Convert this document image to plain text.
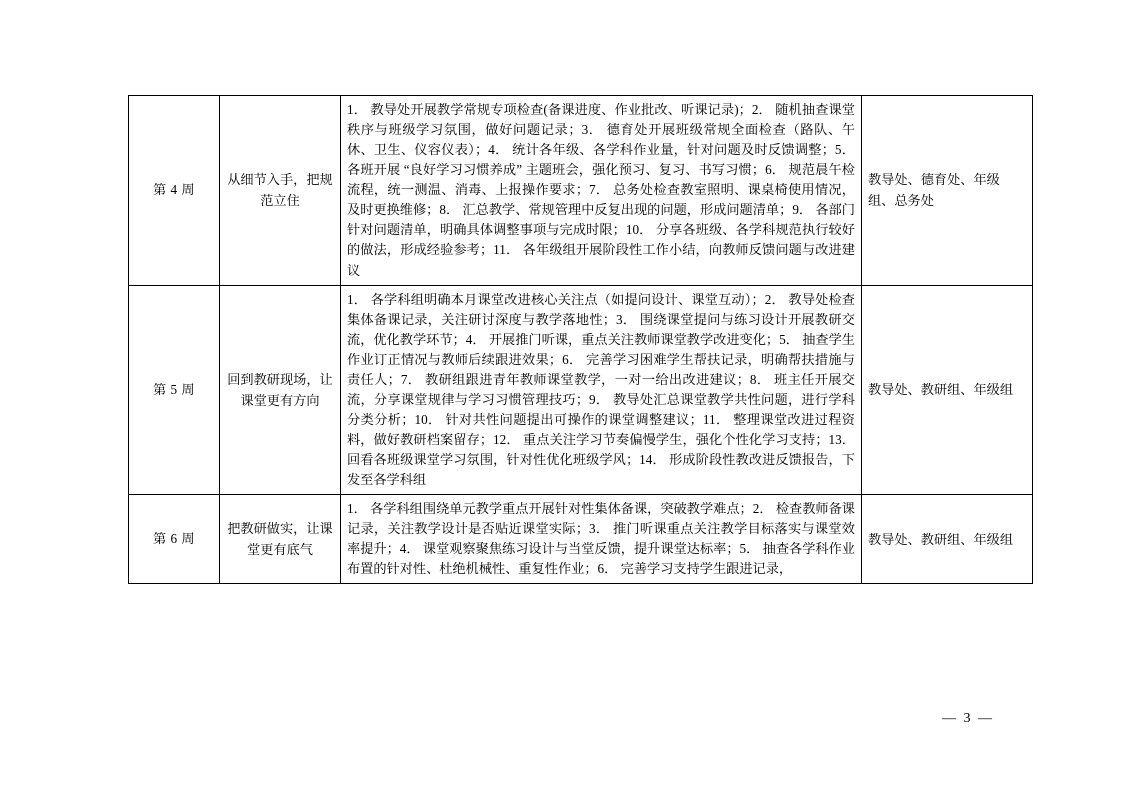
第 4 周	从细节入手，把规范立住	1． 教导处开展教学常规专项检查(备课进度、作业批改、听课记录)；2． 随机抽查课堂秩序与班级学习氛围，做好问题记录；3． 德育处开展班级常规全面检查（路队、午休、卫生、仪容仪表）；4． 统计各年级、各学科作业量，针对问题及时反馈调整；5． 各班开展 “良好学习习惯养成” 主题班会，强化预习、复习、书写习惯；6． 规范晨午检流程，统一测温、消毒、上报操作要求；7． 总务处检查教室照明、课桌椅使用情况，及时更换维修；8． 汇总教学、常规管理中反复出现的问题，形成问题清单；9． 各部门针对问题清单，明确具体调整事项与完成时限；10． 分享各班级、各学科规范执行较好的做法，形成经验参考；11． 各年级组开展阶段性工作小结，向教师反馈问题与改进建议	教导处、德育处、年级组、总务处
第 5 周	回到教研现场，让课堂更有方向	1． 各学科组明确本月课堂改进核心关注点（如提问设计、课堂互动）；2． 教导处检查集体备课记录，关注研讨深度与教学落地性；3． 围绕课堂提问与练习设计开展教研交流，优化教学环节；4． 开展推门听课，重点关注教师课堂教学改进变化；5． 抽查学生作业订正情况与教师后续跟进效果；6． 完善学习困难学生帮扶记录，明确帮扶措施与责任人；7． 教研组跟进青年教师课堂教学，一对一给出改进建议；8． 班主任开展交流，分享课堂规律与学习习惯管理技巧；9． 教导处汇总课堂教学共性问题，进行学科分类分析；10． 针对共性问题提出可操作的课堂调整建议；11． 整理课堂改进过程资料，做好教研档案留存；12． 重点关注学习节奏偏慢学生，强化个性化学习支持；13． 回看各班级课堂学习氛围，针对性优化班级学风；14． 形成阶段性教改进反馈报告，下发至各学科组	教导处、教研组、年级组
第 6 周	把教研做实，让课堂更有底气	1． 各学科组围绕单元教学重点开展针对性集体备课，突破教学难点；2． 检查教师备课记录，关注教学设计是否贴近课堂实际；3． 推门听课重点关注教学目标落实与课堂效率提升；4． 课堂观察聚焦练习设计与当堂反馈，提升课堂达标率；5． 抽查各学科作业布置的针对性、杜绝机械性、重复性作业；6． 完善学习支持学生跟进记录，	教导处、教研组、年级组
— 3 —
